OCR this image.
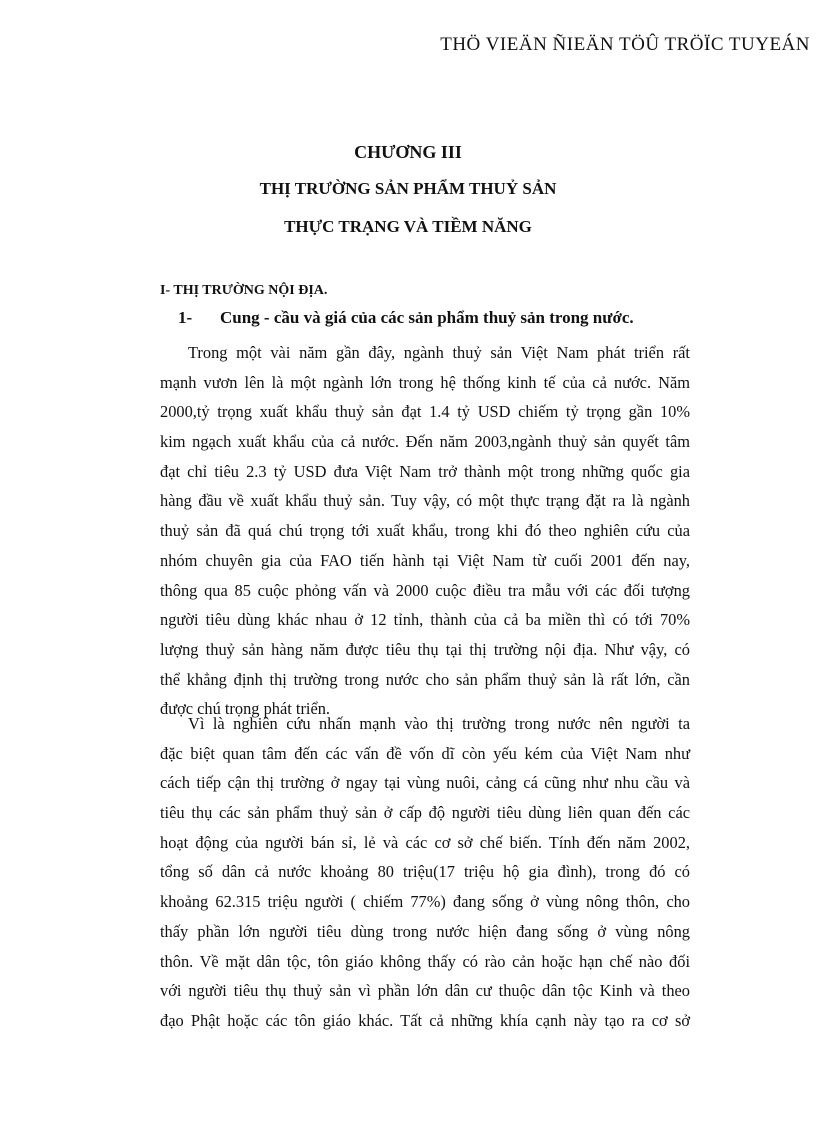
THÖ VIEÄN ÑIEÄN TÖÛ TRÖÏC TUYEÁN
CHƯƠNG III
THỊ TRƯỜNG SẢN PHẨM THUỶ SẢN
THỰC TRẠNG VÀ TIỀM NĂNG
I- THỊ TRƯỜNG NỘI ĐỊA.
1- Cung - cầu và giá của các sản phẩm thuỷ sản trong nước.
Trong một vài năm gần đây, ngành thuỷ sản Việt Nam phát triển rất
mạnh vươn lên là một ngành lớn trong hệ thống kinh tế của cả nước. Năm
2000,tỷ trọng xuất khẩu thuỷ sản đạt 1.4 tỷ USD chiếm tỷ trọng gần 10%
kim ngạch xuất khẩu của cả nước. Đến năm 2003,ngành thuỷ sản quyết tâm
đạt chỉ tiêu 2.3 tỷ USD đưa Việt Nam trở thành một trong những quốc gia
hàng đầu về xuất khẩu thuỷ sản. Tuy vậy, có một thực trạng đặt ra là ngành
thuỷ sản đã quá chú trọng tới xuất khẩu, trong khi đó theo nghiên cứu của
nhóm chuyên gia của FAO tiến hành tại Việt Nam từ cuối 2001 đến nay,
thông qua 85 cuộc phỏng vấn và 2000 cuộc điều tra mẫu với các đối tượng
người tiêu dùng khác nhau ở 12 tỉnh, thành của cả ba miền thì có tới 70%
lượng thuỷ sản hàng năm được tiêu thụ tại thị trường nội địa. Như vậy, có
thể khẳng định thị trường trong nước cho sản phẩm thuỷ sản là rất lớn, cần
được chú trọng phát triển.
Vì là nghiên cứu nhấn mạnh vào thị trường trong nước nên người ta
đặc biệt quan tâm đến các vấn đề vốn dĩ còn yếu kém của Việt Nam như
cách tiếp cận thị trường ở ngay tại vùng nuôi, cảng cá cũng như nhu cầu và
tiêu thụ các sản phẩm thuỷ sản ở cấp độ người tiêu dùng liên quan đến các
hoạt động của người bán sỉ, lẻ và các cơ sở chế biến. Tính đến năm 2002,
tổng số dân cả nước khoảng 80 triệu(17 triệu hộ gia đình), trong đó có
khoảng 62.315 triệu người ( chiếm 77%) đang sống ở vùng nông thôn, cho
thấy phần lớn người tiêu dùng trong nước hiện đang sống ở vùng nông
thôn. Về mặt dân tộc, tôn giáo không thấy có rào cản hoặc hạn chế nào đối
với người tiêu thụ thuỷ sản vì phần lớn dân cư thuộc dân tộc Kinh và theo
đạo Phật hoặc các tôn giáo khác. Tất cả những khía cạnh này tạo ra cơ sở
